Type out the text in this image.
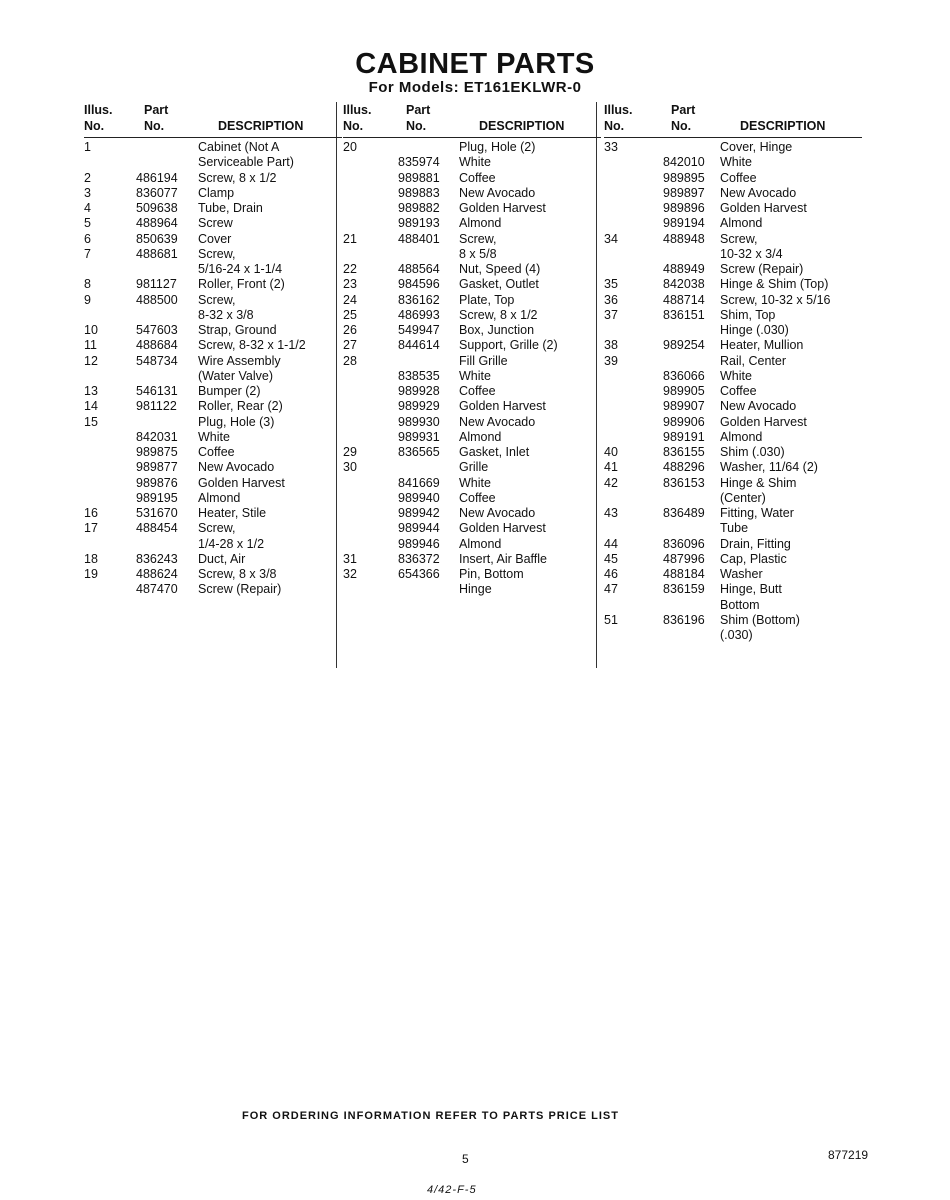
CABINET PARTS
For Models: ET161EKLWR-0
Illus.
No.
Part
No.	DESCRIPTION
1	Cabinet (Not A
Serviceable Part)
2	486194 Screw, 8 x 1/2
3	836077 Clamp
4	509638 Tube, Drain
5	488964 Screw
6	850639 Cover
7	488681 Screw,
5/16-24 x 1-1/4
8	981127 Roller, Front (2)
9	488500 Screw,
8-32 x 3/8
10	547603 Strap, Ground
11	488684 Screw, 8-32 x 1-1/2
12	548734 Wire Assembly
(Water Valve)
13	546131 Bumper (2)
14	981122 Roller, Rear (2)
15	Plug, Hole (3)
842031 White
989875 Coffee
989877 New Avocado
989876 Golden Harvest
989195 Almond
16	531670 Heater, Stile
17	488454 Screw,
1/4-28 x 1/2
18	836243 Duct, Air
19	488624 Screw, 8 x 3/8
487470 Screw (Repair)
Illus.
No.
Part
No.	DESCRIPTION
20	Plug, Hole (2)
835974 White
989881 Coffee
989883 New Avocado
989882 Golden Harvest
989193 Almond
21	488401 Screw,
8 x 5/8
22	488564 Nut, Speed (4)
23	984596 Gasket, Outlet
24	836162 Plate, Top
25	486993 Screw, 8 x 1/2
26	549947 Box, Junction
27	844614 Support, Grille (2)
28	Fill Grille
838535 White
989928 Coffee
989929 Golden Harvest
989930 New Avocado
989931 Almond
29	836565 Gasket, Inlet
30	Grille
841669 White
989940 Coffee
989942 New Avocado
989944 Golden Harvest
989946 Almond
31	836372 Insert, Air Baffle
32	654366 Pin, Bottom
Hinge
Illus.
No.
Part
No.	DESCRIPTION
33	Cover, Hinge
842010 White
989895 Coffee
989897 New Avocado
989896 Golden Harvest
989194 Almond
34	488948 Screw,
10-32 x 3/4
488949 Screw (Repair)
35	842038 Hinge & Shim (Top)
36	488714 Screw, 10-32 x 5/16
37	836151 Shim, Top
Hinge (.030)
38	989254 Heater, Mullion
39	Rail, Center
836066 White
989905 Coffee
989907 New Avocado
989906 Golden Harvest
989191 Almond
40	836155 Shim (.030)
41	488296 Washer, 11/64 (2)
42	836153 Hinge & Shim
(Center)
43	836489 Fitting, Water
Tube
44	836096 Drain, Fitting
45	487996 Cap, Plastic
46	488184 Washer
47	836159 Hinge, Butt
Bottom
51	836196 Shim (Bottom)
(.030)
FOR ORDERING INFORMATION REFER TO PARTS PRICE LIST
5	877219
4/42-F-5
